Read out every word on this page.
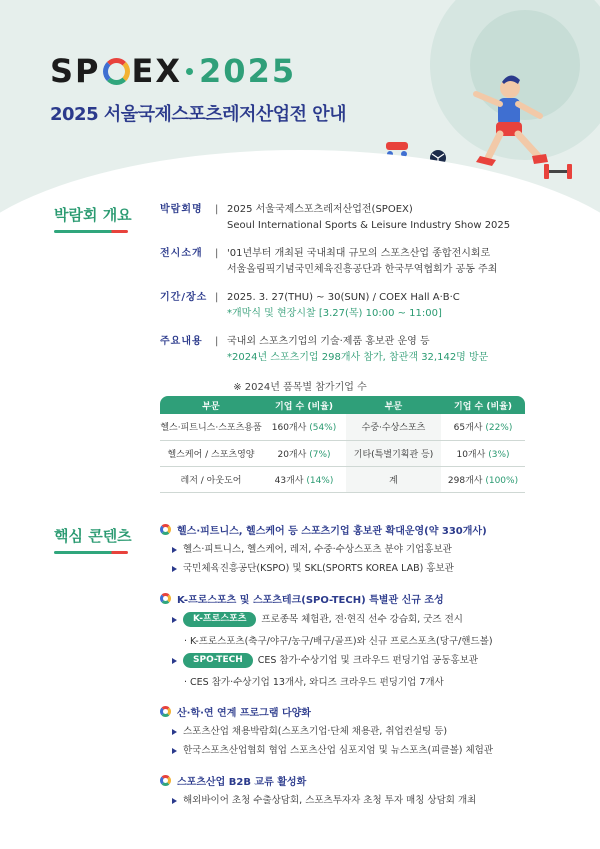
SP EX 2025
2025 서울국제스포츠레저산업전 안내
박람회 개요	박람회명	| 2025 서울국제스포츠레저산업전(SPOEX)
Seoul International Sports & Leisure Industry Show 2025
전시소개	| '01년부터 개최된 국내최대 규모의 스포츠산업 종합전시회로
서울올림픽기념국민체육진흥공단과 한국무역협회가 공동 주최
기간/장소 | 2025. 3. 27(THU) ~ 30(SUN) / COEX Hall A·B·C
*개막식 및 현장시찰 [3.27(목) 10:00 ~ 11:00]
주요내용	| 국내외 스포츠기업의 기술·제품 홍보관 운영 등
*2024년 스포츠기업 298개사 참가, 참관객 32,142명 방문
※ 2024년 품목별 참가기업 수
부문	기업 수 (비율)	부문	기업 수 (비율)
헬스·피트니스·스포츠용품	160개사 (54%)	수중·수상스포츠	65개사 (22%)
헬스케어 / 스포츠영양	20개사 (7%)	기타(특별기획관 등)	10개사 (3%)
레저 / 아웃도어	43개사 (14%)	계	298개사 (100%)
핵심 콘텐츠	헬스·피트니스, 헬스케어 등 스포츠기업 홍보관 확대운영(약 330개사)
헬스·피트니스, 헬스케어, 레저, 수중·수상스포츠 분야 기업홍보관
국민체육진흥공단(KSPO) 및 SKL(SPORTS KOREA LAB) 홍보관
K-프로스포츠 및 스포츠테크(SPO-TECH) 특별관 신규 조성
K-프로스포츠	프로종목 체험관, 전·현직 선수 강습회, 굿즈 전시
· K-프로스포츠(축구/야구/농구/배구/골프)와 신규 프로스포츠(당구/핸드볼)
SPO-TECH	CES 참가·수상기업 및 크라우드 펀딩기업 공동홍보관
· CES 참가·수상기업 13개사, 와디즈 크라우드 펀딩기업 7개사
산·학·연 연계 프로그램 다양화
스포츠산업 채용박람회(스포츠기업·단체 채용관, 취업컨설팅 등)
한국스포츠산업협회 협업 스포츠산업 심포지엄 및 뉴스포츠(피클볼) 체험관
스포츠산업 B2B 교류 활성화
해외바이어 초청 수출상담회, 스포츠투자자 초청 투자 매칭 상담회 개최
